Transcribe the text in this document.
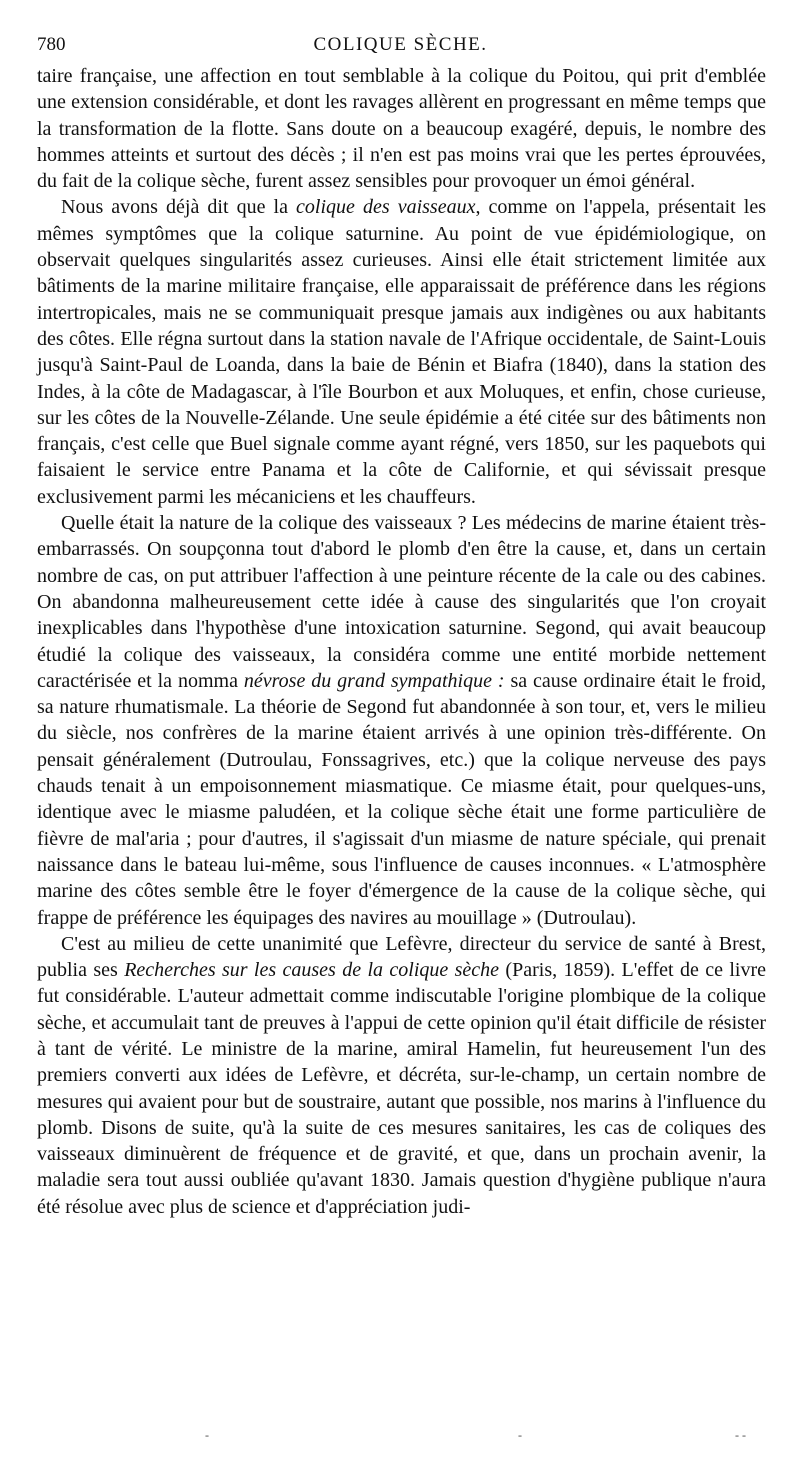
780	COLIQUE SÈCHE.

taire française, une affection en tout semblable à la colique du Poitou, qui prit d'emblée une extension considérable, et dont les ravages allèrent en progressant en même temps que la transformation de la flotte. Sans doute on a beaucoup exagéré, depuis, le nombre des hommes atteints et surtout des décès ; il n'en est pas moins vrai que les pertes éprouvées, du fait de la colique sèche, furent assez sensibles pour provoquer un émoi général.

Nous avons déjà dit que la colique des vaisseaux, comme on l'appela, présentait les mêmes symptômes que la colique saturnine. Au point de vue épidémiologique, on observait quelques singularités assez curieuses. Ainsi elle était strictement limitée aux bâtiments de la marine militaire française, elle apparaissait de préférence dans les régions intertropicales, mais ne se communiquait presque jamais aux indigènes ou aux habitants des côtes. Elle régna surtout dans la station navale de l'Afrique occidentale, de Saint-Louis jusqu'à Saint-Paul de Loanda, dans la baie de Bénin et Biafra (1840), dans la station des Indes, à la côte de Madagascar, à l'île Bourbon et aux Moluques, et enfin, chose curieuse, sur les côtes de la Nouvelle-Zélande. Une seule épidémie a été citée sur des bâtiments non français, c'est celle que Buel signale comme ayant régné, vers 1850, sur les paquebots qui faisaient le service entre Panama et la côte de Californie, et qui sévissait presque exclusivement parmi les mécaniciens et les chauffeurs.

Quelle était la nature de la colique des vaisseaux ? Les médecins de marine étaient très-embarrassés. On soupçonna tout d'abord le plomb d'en être la cause, et, dans un certain nombre de cas, on put attribuer l'affection à une peinture récente de la cale ou des cabines. On abandonna malheureusement cette idée à cause des singularités que l'on croyait inexplicables dans l'hypothèse d'une intoxication saturnine. Segond, qui avait beaucoup étudié la colique des vaisseaux, la considéra comme une entité morbide nettement caractérisée et la nomma névrose du grand sympathique : sa cause ordinaire était le froid, sa nature rhumatismale. La théorie de Segond fut abandonnée à son tour, et, vers le milieu du siècle, nos confrères de la marine étaient arrivés à une opinion très-différente. On pensait généralement (Dutroulau, Fonssagrives, etc.) que la colique nerveuse des pays chauds tenait à un empoisonnement miasmatique. Ce miasme était, pour quelques-uns, identique avec le miasme paludéen, et la colique sèche était une forme particulière de fièvre de mal'aria ; pour d'autres, il s'agissait d'un miasme de nature spéciale, qui prenait naissance dans le bateau lui-même, sous l'influence de causes inconnues. « L'atmosphère marine des côtes semble être le foyer d'émergence de la cause de la colique sèche, qui frappe de préférence les équipages des navires au mouillage » (Dutroulau).

C'est au milieu de cette unanimité que Lefèvre, directeur du service de santé à Brest, publia ses Recherches sur les causes de la colique sèche (Paris, 1859). L'effet de ce livre fut considérable. L'auteur admettait comme indiscutable l'origine plombique de la colique sèche, et accumulait tant de preuves à l'appui de cette opinion qu'il était difficile de résister à tant de vérité. Le ministre de la marine, amiral Hamelin, fut heureusement l'un des premiers converti aux idées de Lefèvre, et décréta, sur-le-champ, un certain nombre de mesures qui avaient pour but de soustraire, autant que possible, nos marins à l'influence du plomb. Disons de suite, qu'à la suite de ces mesures sanitaires, les cas de coliques des vaisseaux diminuèrent de fréquence et de gravité, et que, dans un prochain avenir, la maladie sera tout aussi oubliée qu'avant 1830. Jamais question d'hygiène publique n'aura été résolue avec plus de science et d'appréciation judi-

-	-	- -
